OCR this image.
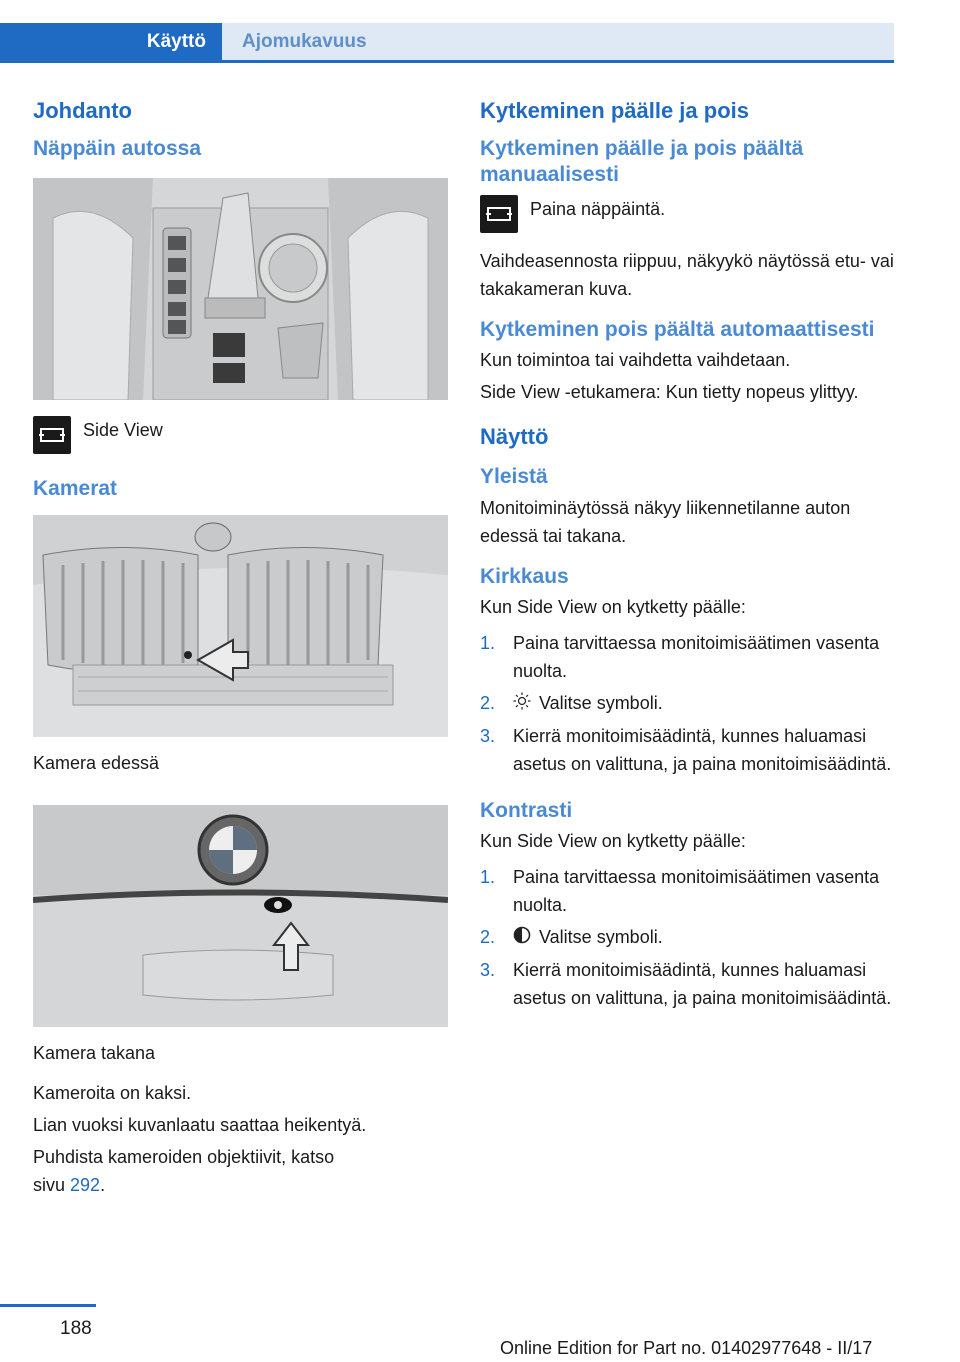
Käyttö Ajomukavuus
Johdanto
Näppäin autossa
Side View
Kamerat
Kamera edessä
Kamera takana
Kameroita on kaksi.
Lian vuoksi kuvanlaatu saattaa heikentyä.
Puhdista kameroiden objektiivit, katso
sivu 292.
Kytkeminen päälle ja pois
Kytkeminen päälle ja pois päältä manuaalisesti
Paina näppäintä.
Vaihdeasennosta riippuu, näkyykö näytössä etu- vai takakameran kuva.
Kytkeminen pois päältä automaattisesti
Kun toimintoa tai vaihdetta vaihdetaan.
Side View -etukamera: Kun tietty nopeus ylittyy.
Näyttö
Yleistä
Monitoiminäytössä näkyy liikennetilanne auton edessä tai takana.
Kirkkaus
Kun Side View on kytketty päälle:
1. Paina tarvittaessa monitoimisäätimen vasenta nuolta.
2. Valitse symboli.
3. Kierrä monitoimisäädintä, kunnes haluamasi asetus on valittuna, ja paina monitoimisäädintä.
Kontrasti
Kun Side View on kytketty päälle:
1. Paina tarvittaessa monitoimisäätimen vasenta nuolta.
2. Valitse symboli.
3. Kierrä monitoimisäädintä, kunnes haluamasi asetus on valittuna, ja paina monitoimisäädintä.
188
Online Edition for Part no. 01402977648 - II/17
